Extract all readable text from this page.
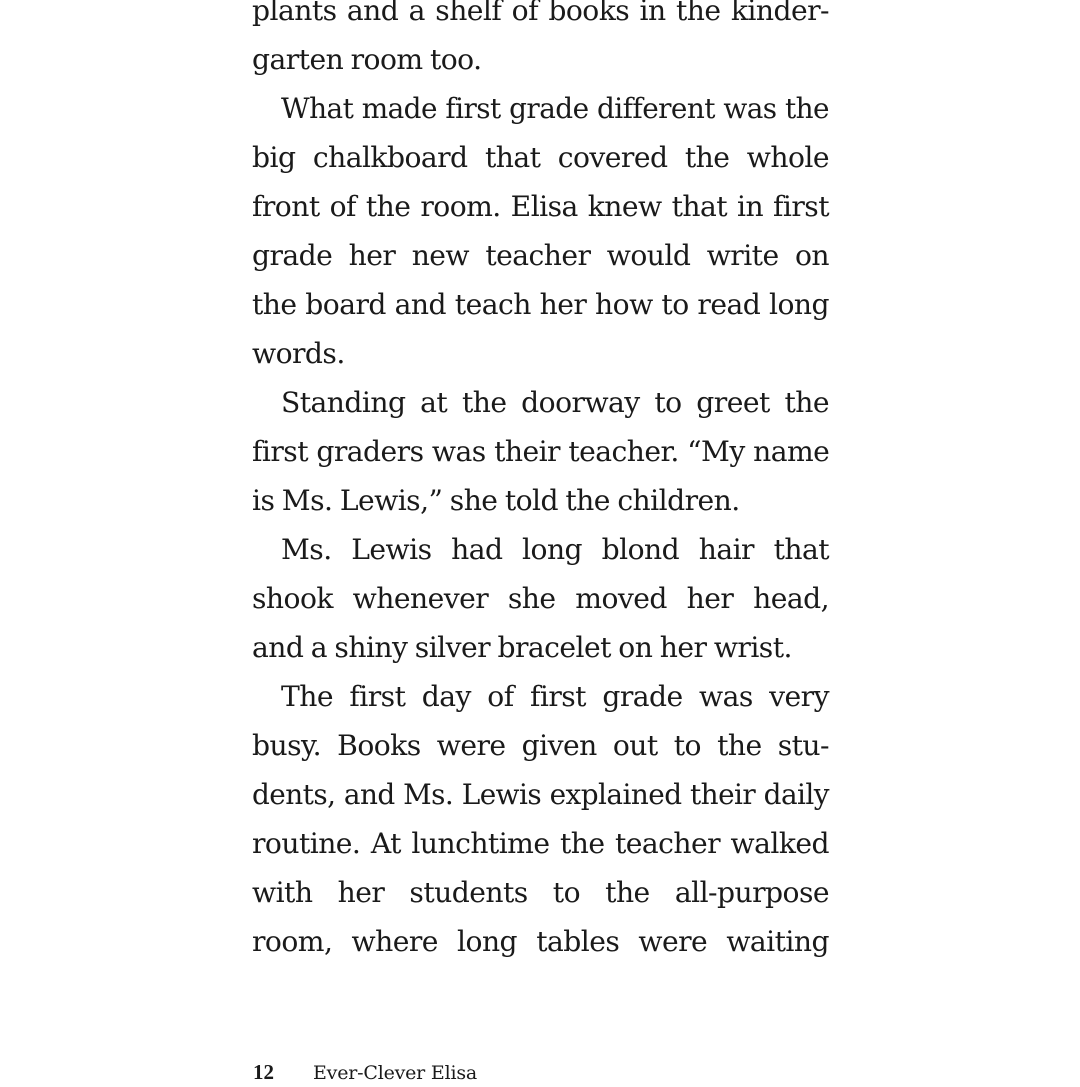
plants and a shelf of books in the kinder-
garten room too.
What made first grade different was the
big chalkboard that covered the whole
front of the room. Elisa knew that in first
grade her new teacher would write on
the board and teach her how to read long
words.
Standing at the doorway to greet the
first graders was their teacher. “My name
is Ms. Lewis,” she told the children.
Ms. Lewis had long blond hair that
shook whenever she moved her head,
and a shiny silver bracelet on her wrist.
The first day of first grade was very
busy. Books were given out to the stu-
dents, and Ms. Lewis explained their daily
routine. At lunchtime the teacher walked
with her students to the all-purpose
room, where long tables were waiting
12 Ever-Clever Elisa
